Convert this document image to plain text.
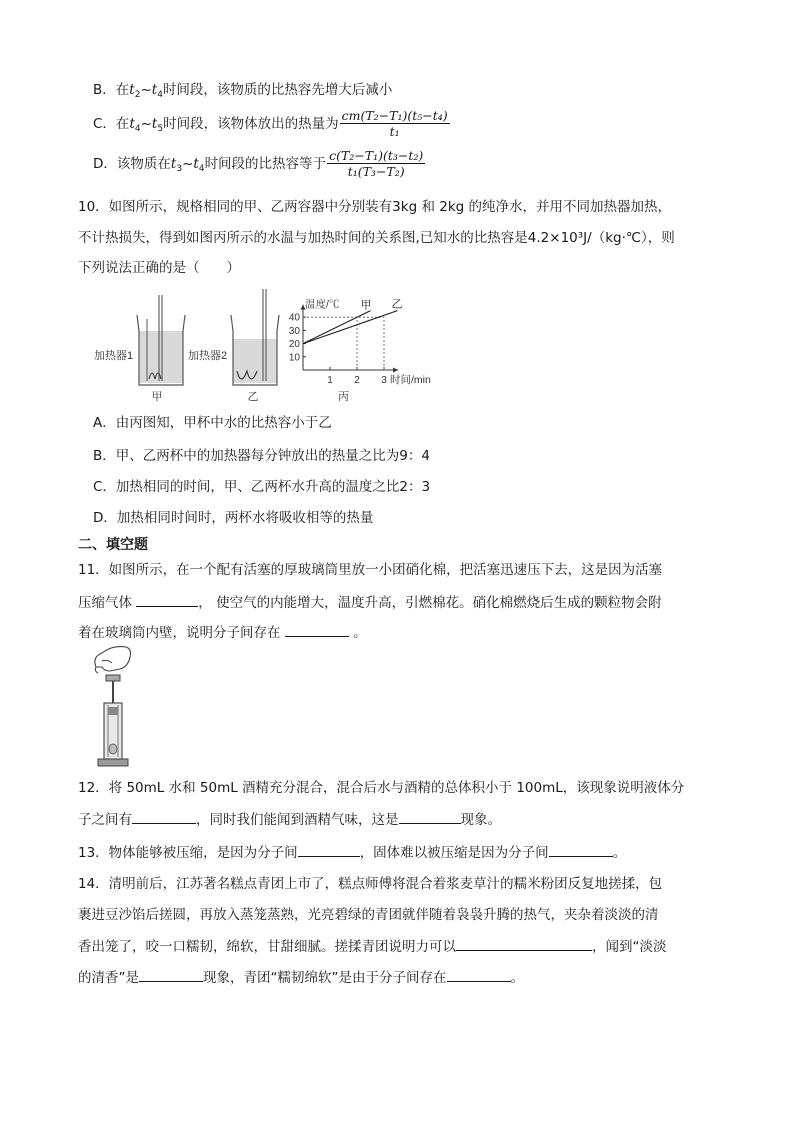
B．在$t_2\sim t_4$时间段，该物质的比热容先增大后减小
C．在$t_4\sim t_5$时间段，该物体放出的热量为 $\frac{\text{cm(T₂−T₁)(t₅−t₄)}}{\text{t₁}}$
D．该物质在$t_3\sim t_4$时间段的比热容等于 $\frac{\text{c(T₂−T₁)(t₃−t₂)}}{\text{t₁(T₃−T₂)}}$
10．如图所示，规格相同的甲、乙两容器中分别装有3kg 和 2kg 的纯净水，并用不同加热器加热，
不计热损失，得到如图丙所示的水温与加热时间的关系图,已知水的比热容是4.2×10³J/（kg·℃），则
下列说法正确的是（　　）
加热器1	加热器2
甲	乙
10
20
30
40
1 2 3
甲 乙
温度/℃
时间/min
丙
A．由丙图知，甲杯中水的比热容小于乙
B．甲、乙两杯中的加热器每分钟放出的热量之比为9：4
C．加热相同的时间，甲、乙两杯水升高的温度之比2：3
D．加热相同时间时，两杯水将吸收相等的热量
二、填空题
11．如图所示，在一个配有活塞的厚玻璃筒里放一小团硝化棉，把活塞迅速压下去，这是因为活塞
压缩气体	， 使空气的内能增大，温度升高，引燃棉花。硝化棉燃烧后生成的颗粒物会附
着在玻璃筒内壁，说明分子间存在	。
12．将 50mL 水和 50mL 酒精充分混合，混合后水与酒精的总体积小于 100mL，该现象说明液体分
子之间有	，同时我们能闻到酒精气味，这是	现象。
13．物体能够被压缩，是因为分子间	，固体难以被压缩是因为分子间	。
14．清明前后，江苏著名糕点青团上市了，糕点师傅将混合着浆麦草汁的糯米粉团反复地搓揉，包
裹进豆沙馅后搓圆，再放入蒸笼蒸熟，光亮碧绿的青团就伴随着袅袅升腾的热气，夹杂着淡淡的清
香出笼了，咬一口糯韧，绵软，甘甜细腻。搓揉青团说明力可以	，闻到“淡淡
的清香”是	现象，青团“糯韧绵软”是由于分子间存在	。
